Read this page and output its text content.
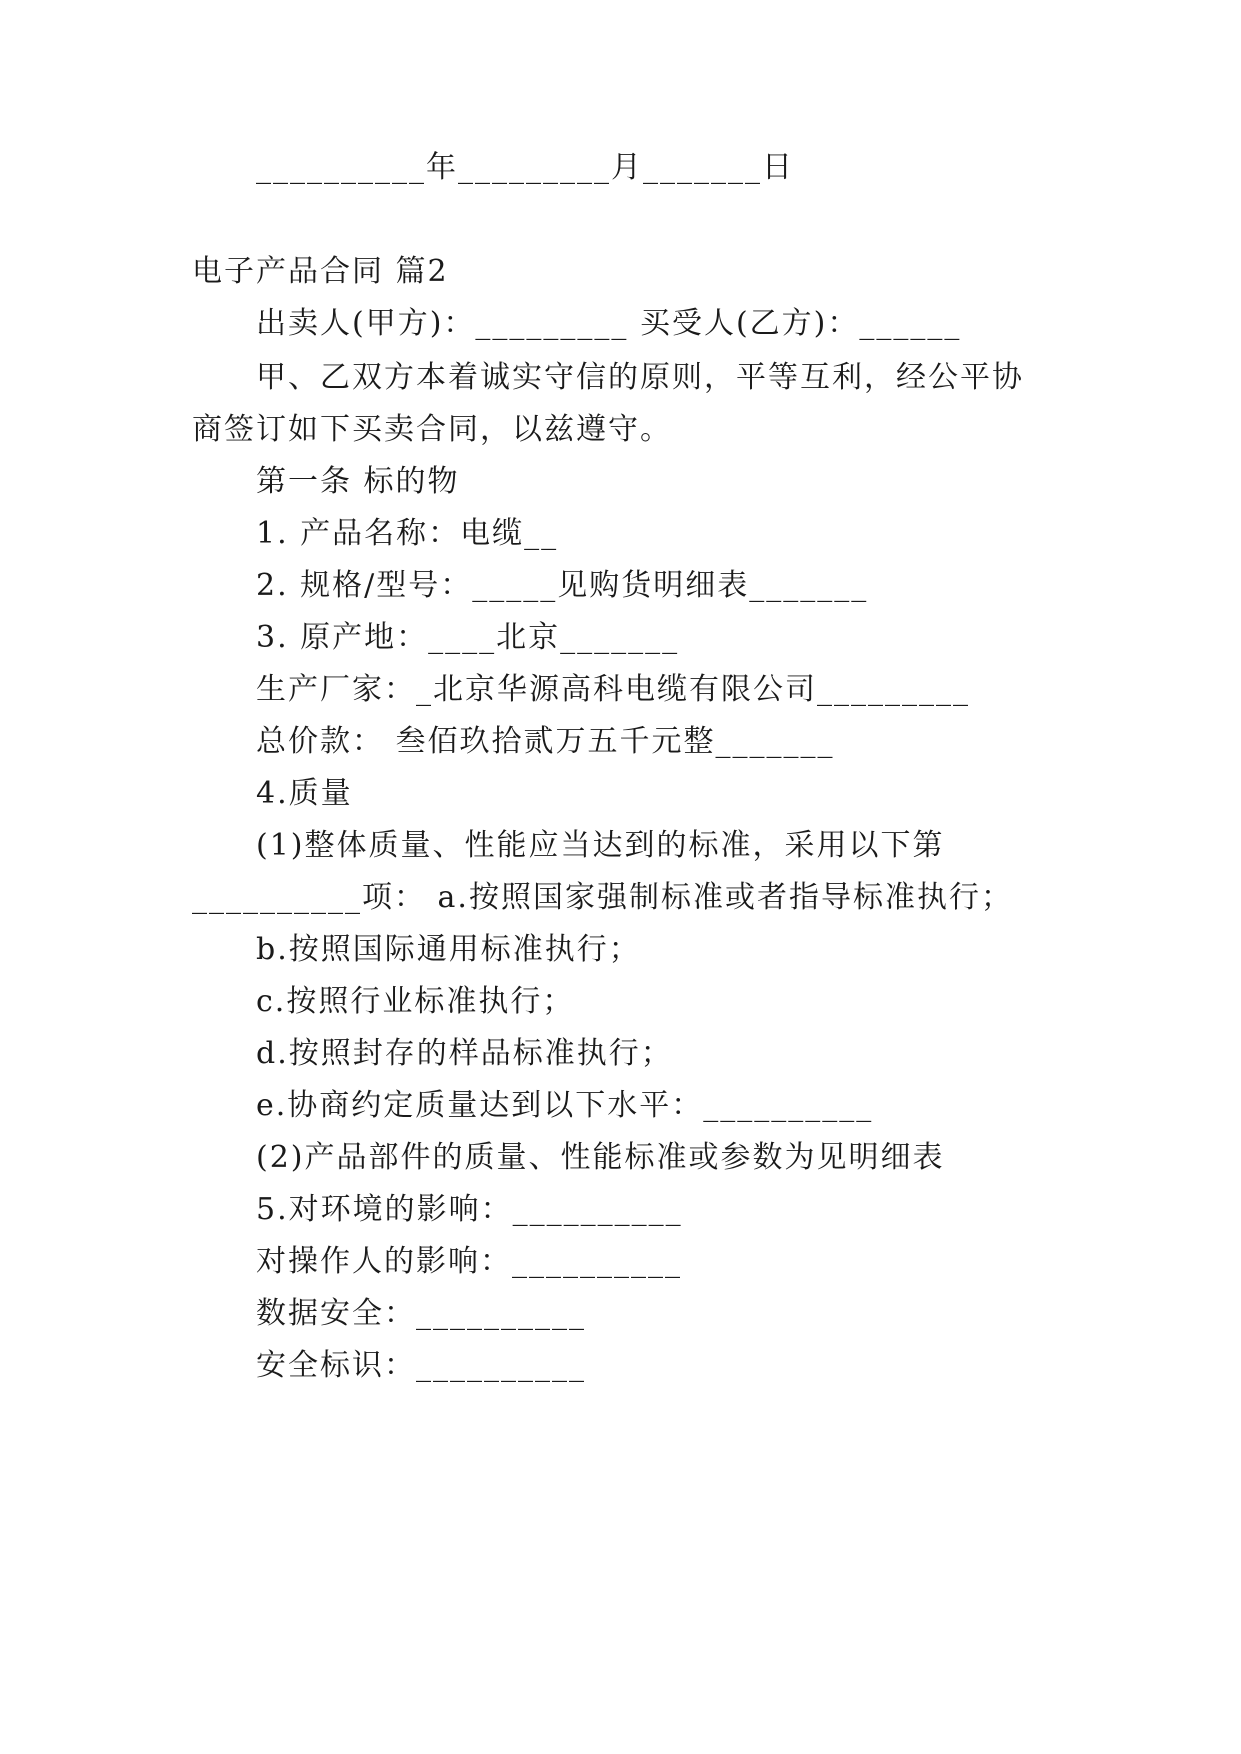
__________年_________月_______日
电子产品合同 篇2
出卖人(甲方)：_________ 买受人(乙方)：______
甲、乙双方本着诚实守信的原则，平等互利，经公平协
商签订如下买卖合同，以兹遵守。
第一条 标的物
1. 产品名称：电缆__
2. 规格/型号：_____见购货明细表_______
3. 原产地：____北京_______
生产厂家：_北京华源高科电缆有限公司_________
总价款： 叁佰玖拾贰万五千元整_______
4.质量
(1)整体质量、性能应当达到的标准，采用以下第
__________项： a.按照国家强制标准或者指导标准执行；
b.按照国际通用标准执行；
c.按照行业标准执行；
d.按照封存的样品标准执行；
e.协商约定质量达到以下水平：__________
(2)产品部件的质量、性能标准或参数为见明细表
5.对环境的影响：__________
对操作人的影响：__________
数据安全：__________
安全标识：__________
